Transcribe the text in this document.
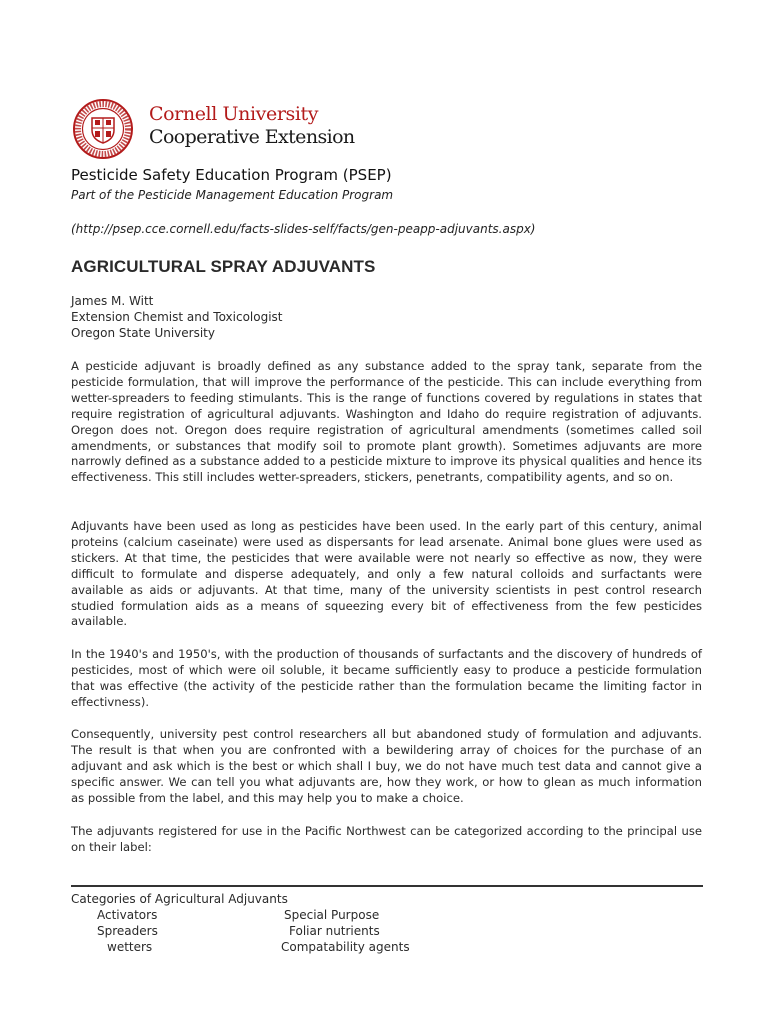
Cornell University
Cooperative Extension
Pesticide Safety Education Program (PSEP)
Part of the Pesticide Management Education Program
(http://psep.cce.cornell.edu/facts-slides-self/facts/gen-peapp-adjuvants.aspx)
AGRICULTURAL SPRAY ADJUVANTS
James M. Witt
Extension Chemist and Toxicologist
Oregon State University

A pesticide adjuvant is broadly defined as any substance added to the spray tank, separate from the pesticide formulation, that will improve the performance of the pesticide. This can include everything from wetter-spreaders to feeding stimulants. This is the range of functions covered by regulations in states that require registration of agricultural adjuvants. Washington and Idaho do require registration of adjuvants. Oregon does not. Oregon does require registration of agricultural amendments (sometimes called soil amendments, or substances that modify soil to promote plant growth). Sometimes adjuvants are more narrowly defined as a substance added to a pesticide mixture to improve its physical qualities and hence its effectiveness. This still includes wetter-spreaders, stickers, penetrants, compatibility agents, and so on.

Adjuvants have been used as long as pesticides have been used. In the early part of this century, animal proteins (calcium caseinate) were used as dispersants for lead arsenate. Animal bone glues were used as stickers. At that time, the pesticides that were available were not nearly so effective as now, they were difficult to formulate and disperse adequately, and only a few natural colloids and surfactants were available as aids or adjuvants. At that time, many of the university scientists in pest control research studied formulation aids as a means of squeezing every bit of effectiveness from the few pesticides available.

In the 1940's and 1950's, with the production of thousands of surfactants and the discovery of hundreds of pesticides, most of which were oil soluble, it became sufficiently easy to produce a pesticide formulation that was effective (the activity of the pesticide rather than the formulation became the limiting factor in effectivness).

Consequently, university pest control researchers all but abandoned study of formulation and adjuvants. The result is that when you are confronted with a bewildering array of choices for the purchase of an adjuvant and ask which is the best or which shall I buy, we do not have much test data and cannot give a specific answer. We can tell you what adjuvants are, how they work, or how to glean as much information as possible from the label, and this may help you to make a choice.

The adjuvants registered for use in the Pacific Northwest can be categorized according to the principal use on their label:

Categories of Agricultural Adjuvants
Activators
Spreaders
wetters
Special Purpose
Foliar nutrients
Compatability agents
